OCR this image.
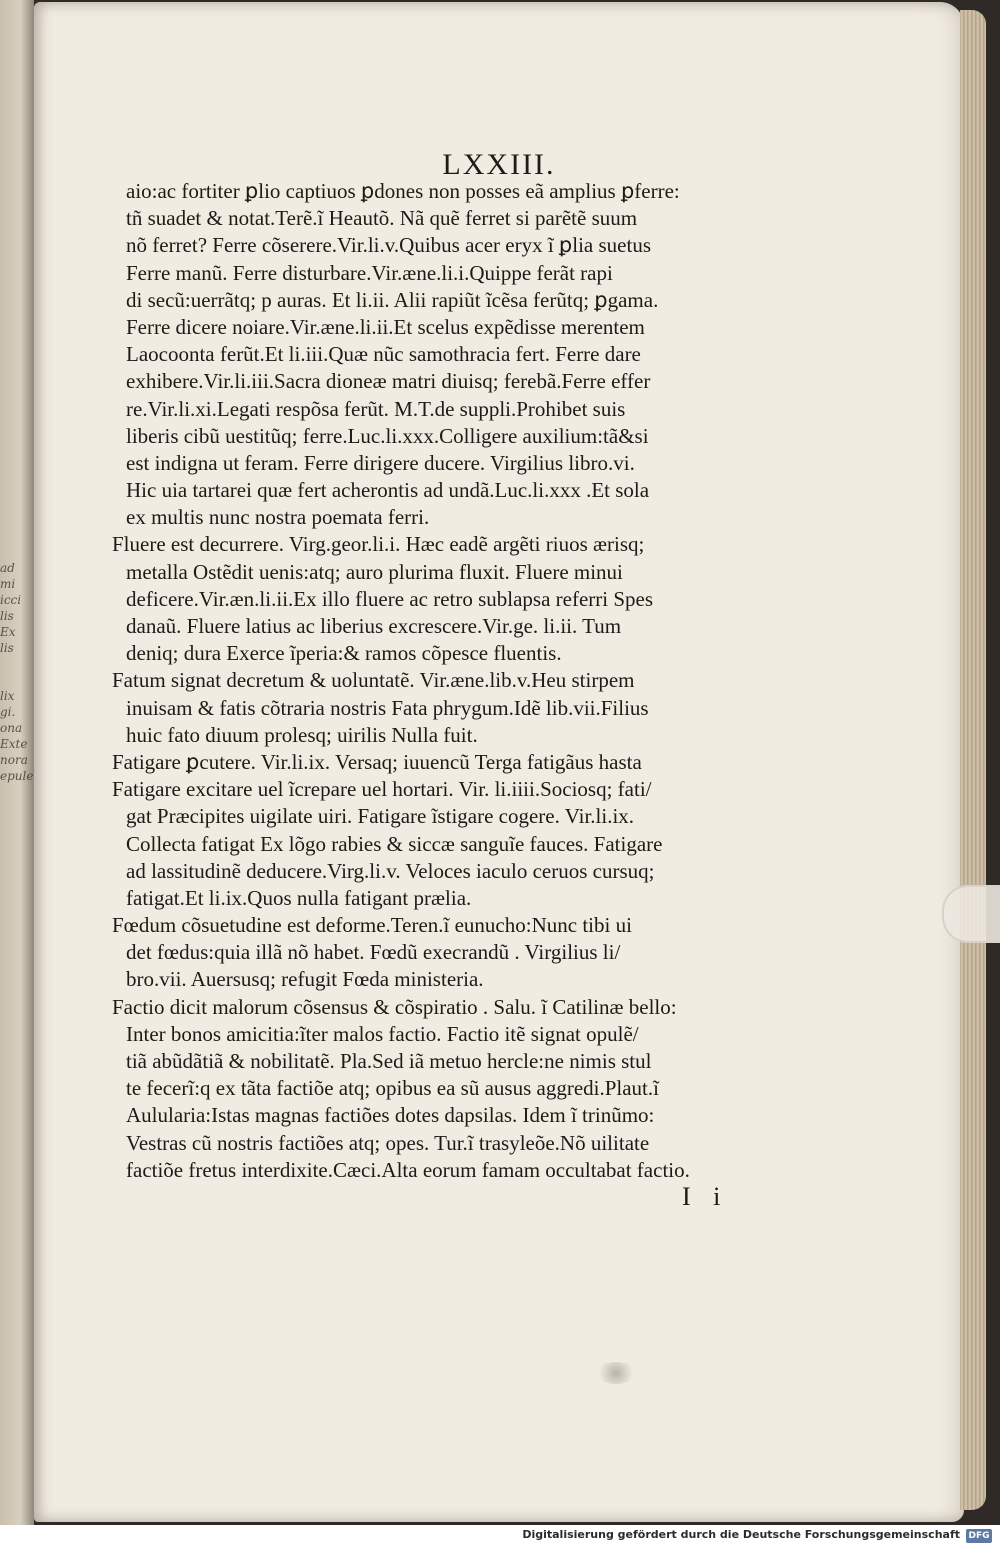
ad
mi
icci
lis
Ex
lis

lix
gi.
ona
Exte
nora
epule
LXXIII.
aio:ac fortiter ꝑlio captiuos ꝑdones non posses eã amplius ꝑferre:
tñ suadet & notat.Terẽ.ĩ Heautõ. Nã quẽ ferret si parẽtẽ suum
nõ ferret? Ferre cõserere.Vir.li.v.Quibus acer eryx ĩ ꝑlia suetus
Ferre manũ. Ferre disturbare.Vir.æne.li.i.Quippe ferãt rapi
di secũ:uerrãtq; p auras. Et li.ii. Alii rapiũt ĩcẽsa ferũtq; ꝑgama.
Ferre dicere noiare.Vir.æne.li.ii.Et scelus expẽdisse merentem
Laocoonta ferũt.Et li.iii.Quæ nũc samothracia fert. Ferre dare
exhibere.Vir.li.iii.Sacra dioneæ matri diuisq; ferebã.Ferre effer
re.Vir.li.xi.Legati respõsa ferũt. M.T.de suppli.Prohibet suis
liberis cibũ uestitũq; ferre.Luc.li.xxx.Colligere auxilium:tã&si
est indigna ut feram. Ferre dirigere ducere. Virgilius libro.vi.
Hic uia tartarei quæ fert acherontis ad undã.Luc.li.xxx .Et sola
ex multis nunc nostra poemata ferri.
Fluere est decurrere. Virg.geor.li.i. Hæc eadẽ argẽti riuos ærisq;
metalla Ostẽdit uenis:atq; auro plurima fluxit. Fluere minui
deficere.Vir.æn.li.ii.Ex illo fluere ac retro sublapsa referri Spes
danaũ. Fluere latius ac liberius excrescere.Vir.ge. li.ii. Tum
deniq; dura Exerce ĩperia:& ramos cõpesce fluentis.
Fatum signat decretum & uoluntatẽ. Vir.æne.lib.v.Heu stirpem
inuisam & fatis cõtraria nostris Fata phrygum.Idẽ lib.vii.Filius
huic fato diuum prolesq; uirilis Nulla fuit.
Fatigare ꝑcutere. Vir.li.ix. Versaq; iuuencũ Terga fatigãus hasta
Fatigare excitare uel ĩcrepare uel hortari. Vir. li.iiii.Sociosq; fati/
gat Præcipites uigilate uiri. Fatigare ĩstigare cogere. Vir.li.ix.
Collecta fatigat Ex lõgo rabies & siccæ sanguĩe fauces. Fatigare
ad lassitudinẽ deducere.Virg.li.v. Veloces iaculo ceruos cursuq;
fatigat.Et li.ix.Quos nulla fatigant prælia.
Fœdum cõsuetudine est deforme.Teren.ĩ eunucho:Nunc tibi ui
det fœdus:quia illã nõ habet. Fœdũ execrandũ . Virgilius li/
bro.vii. Auersusq; refugit Fœda ministeria.
Factio dicit malorum cõsensus & cõspiratio . Salu. ĩ Catilinæ bello:
Inter bonos amicitia:ĩter malos factio. Factio itẽ signat opulẽ/
tiã abũdãtiã & nobilitatẽ. Pla.Sed iã metuo hercle:ne nimis stul
te fecerĩ:q ex tãta factiõe atq; opibus ea sũ ausus aggredi.Plaut.ĩ
Aulularia:Istas magnas factiões dotes dapsilas. Idem ĩ trinũmo:
Vestras cũ nostris factiões atq; opes. Tur.ĩ trasyleõe.Nõ uilitate
factiõe fretus interdixite.Cæci.Alta eorum famam occultabat factio.
I i
Digitalisierung gefördert durch die Deutsche Forschungsgemeinschaft DFG
